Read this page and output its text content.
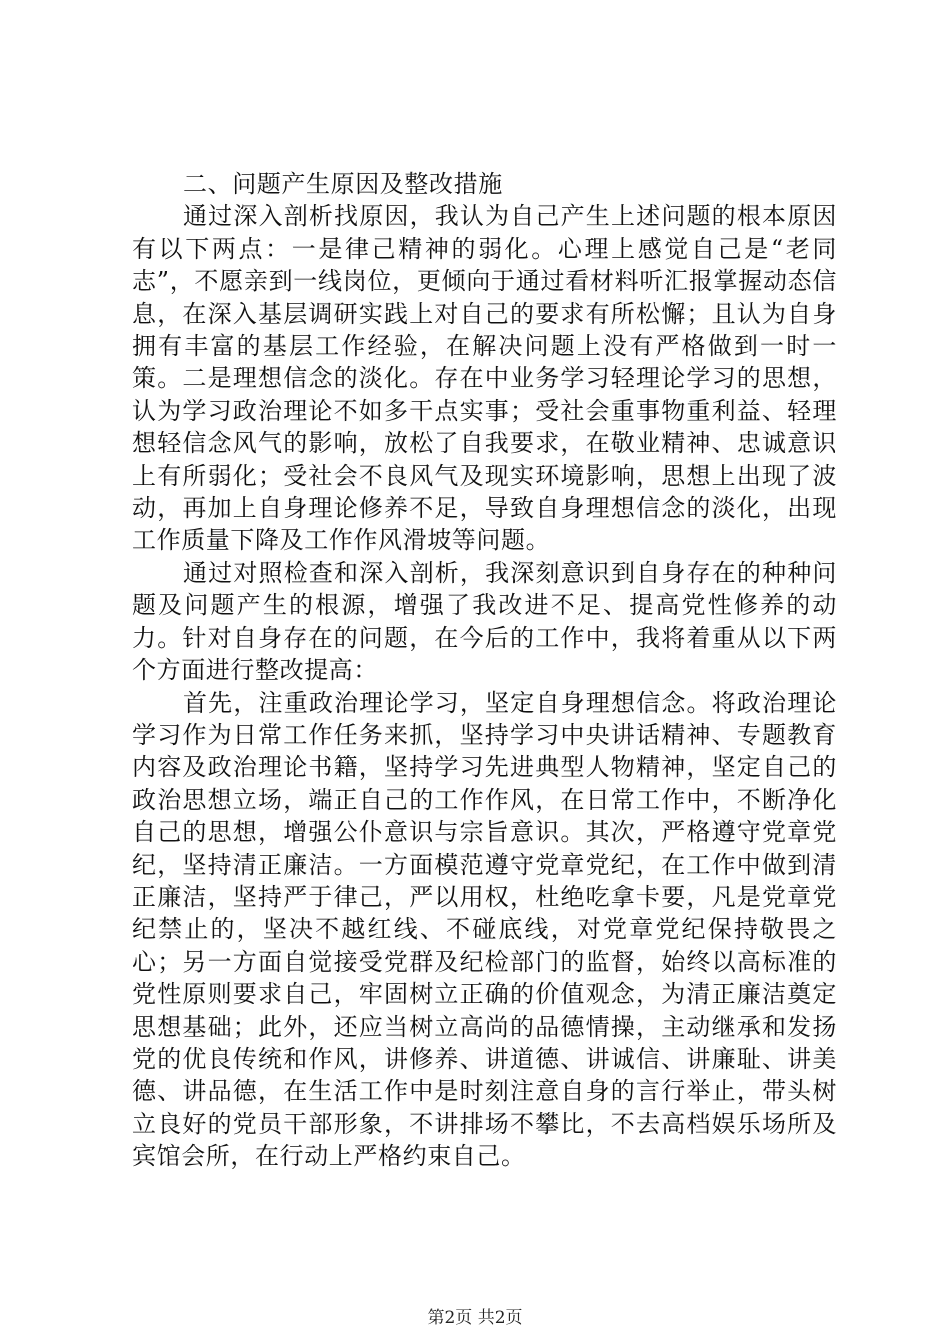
二、问题产生原因及整改措施

通过深入剖析找原因，我认为自己产生上述问题的根本原因有以下两点：一是律己精神的弱化。心理上感觉自己是“老同志”，不愿亲到一线岗位，更倾向于通过看材料听汇报掌握动态信息，在深入基层调研实践上对自己的要求有所松懈；且认为自身拥有丰富的基层工作经验，在解决问题上没有严格做到一时一策。二是理想信念的淡化。存在中业务学习轻理论学习的思想，认为学习政治理论不如多干点实事；受社会重事物重利益、轻理想轻信念风气的影响，放松了自我要求，在敬业精神、忠诚意识上有所弱化；受社会不良风气及现实环境影响，思想上出现了波动，再加上自身理论修养不足，导致自身理想信念的淡化，出现工作质量下降及工作作风滑坡等问题。

通过对照检查和深入剖析，我深刻意识到自身存在的种种问题及问题产生的根源，增强了我改进不足、提高党性修养的动力。针对自身存在的问题，在今后的工作中，我将着重从以下两个方面进行整改提高：

首先，注重政治理论学习，坚定自身理想信念。将政治理论学习作为日常工作任务来抓，坚持学习中央讲话精神、专题教育内容及政治理论书籍，坚持学习先进典型人物精神，坚定自己的政治思想立场，端正自己的工作作风，在日常工作中，不断净化自己的思想，增强公仆意识与宗旨意识。其次，严格遵守党章党纪，坚持清正廉洁。一方面模范遵守党章党纪，在工作中做到清正廉洁，坚持严于律己，严以用权，杜绝吃拿卡要，凡是党章党纪禁止的，坚决不越红线、不碰底线，对党章党纪保持敬畏之心；另一方面自觉接受党群及纪检部门的监督，始终以高标准的党性原则要求自己，牢固树立正确的价值观念，为清正廉洁奠定思想基础；此外，还应当树立高尚的品德情操，主动继承和发扬党的优良传统和作风，讲修养、讲道德、讲诚信、讲廉耻、讲美德、讲品德，在生活工作中是时刻注意自身的言行举止，带头树立良好的党员干部形象，不讲排场不攀比，不去高档娱乐场所及宾馆会所，在行动上严格约束自己。

第2页 共2页
